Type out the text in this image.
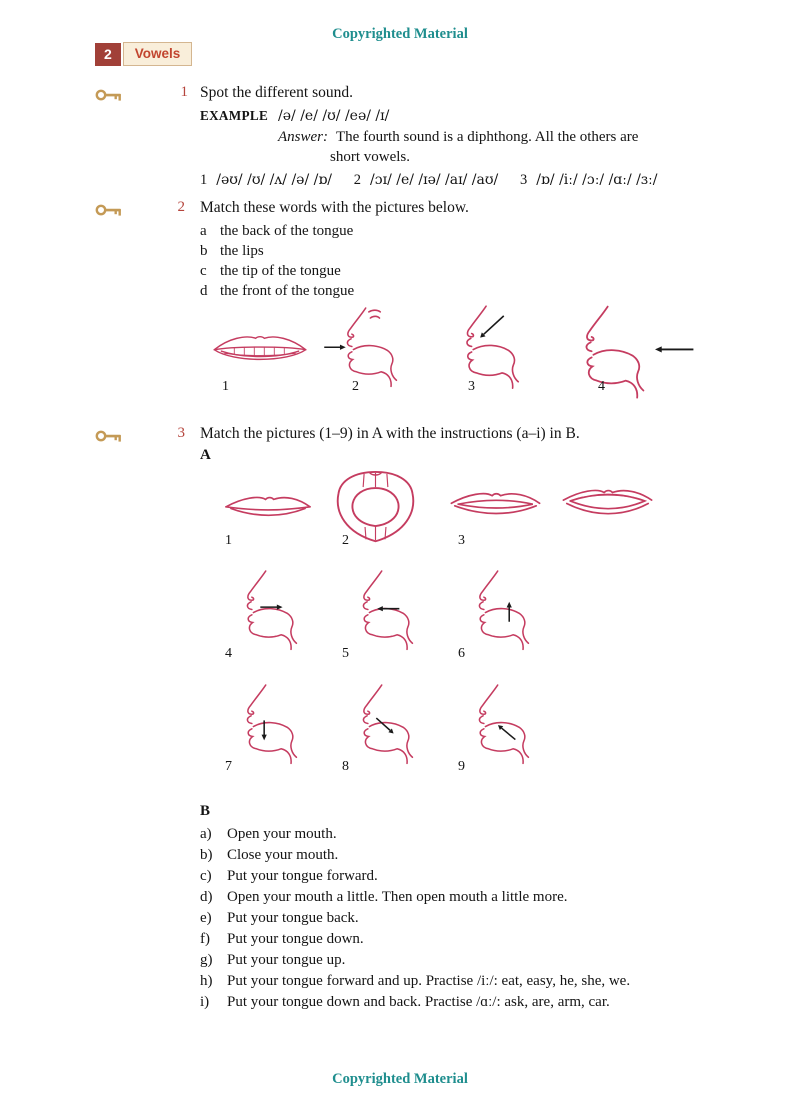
Copyrighted Material
2 Vowels
1 Spot the different sound.
EXAMPLE /ə/ /e/ /ʊ/ /eə/ /ɪ/
Answer: The fourth sound is a diphthong. All the others are
short vowels.
1 /əʊ/ /ʊ/ /ʌ/ /ə/ /ɒ/ 2 /ɔɪ/ /e/ /ɪə/ /aɪ/ /aʊ/ 3 /ɒ/ /iː/ /ɔː/ /ɑː/ /ɜː/
2 Match these words with the pictures below.
a the back of the tongue
b the lips
c the tip of the tongue
d the front of the tongue
1	2	3	4
3 Match the pictures (1–9) in A with the instructions (a–i) in B.
A
1	2	3
4	5	6
7	8	9
B
a)	Open your mouth.
b) Close your mouth.
c)	Put your tongue forward.
d) Open your mouth a little. Then open mouth a little more.
e)	Put your tongue back.
f)	Put your tongue down.
g) Put your tongue up.
h) Put your tongue forward and up. Practise /iː/: eat, easy, he, she, we.
i)	Put your tongue down and back. Practise /ɑː/: ask, are, arm, car.
Copyrighted Material
